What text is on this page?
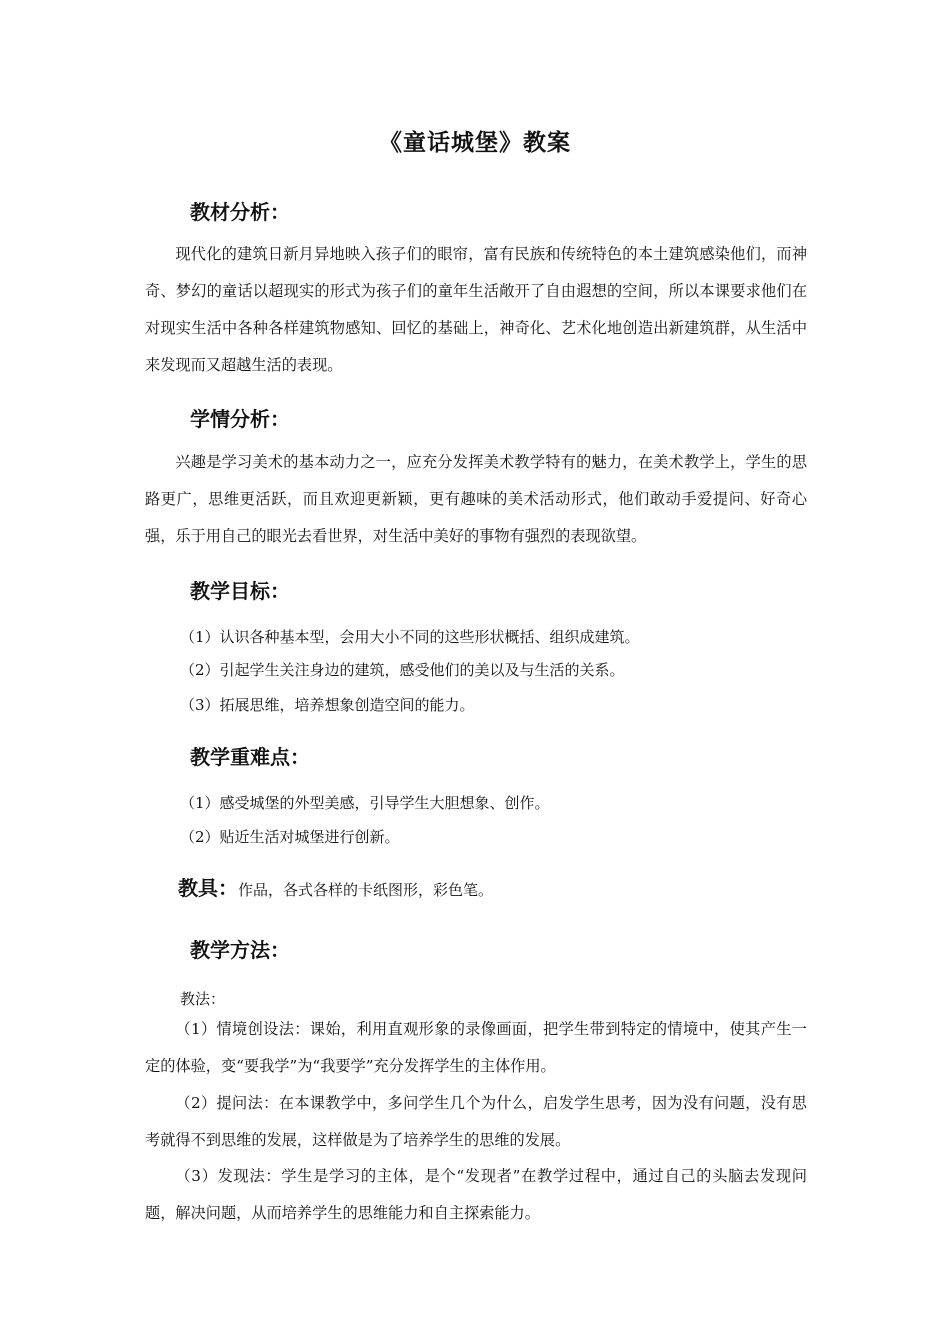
《童话城堡》教案
教材分析：

现代化的建筑日新月异地映入孩子们的眼帘，富有民族和传统特色的本土建筑感染他们，而神奇、梦幻的童话以超现实的形式为孩子们的童年生活敞开了自由遐想的空间，所以本课要求他们在对现实生活中各种各样建筑物感知、回忆的基础上，神奇化、艺术化地创造出新建筑群，从生活中来发现而又超越生活的表现。

学情分析：

兴趣是学习美术的基本动力之一，应充分发挥美术教学特有的魅力，在美术教学上，学生的思路更广，思维更活跃，而且欢迎更新颖，更有趣味的美术活动形式，他们敢动手爱提问、好奇心强，乐于用自己的眼光去看世界，对生活中美好的事物有强烈的表现欲望。

教学目标：
（1）认识各种基本型，会用大小不同的这些形状概括、组织成建筑。
（2）引起学生关注身边的建筑，感受他们的美以及与生活的关系。
（3）拓展思维，培养想象创造空间的能力。
教学重难点：
（1）感受城堡的外型美感，引导学生大胆想象、创作。
（2）贴近生活对城堡进行创新。
教具：作品，各式各样的卡纸图形，彩色笔。
教学方法：
教法：

（1）情境创设法：课始，利用直观形象的录像画面，把学生带到特定的情境中，使其产生一定的体验，变“要我学”为“我要学”充分发挥学生的主体作用。

（2）提问法：在本课教学中，多问学生几个为什么，启发学生思考，因为没有问题，没有思考就得不到思维的发展，这样做是为了培养学生的思维的发展。

（3）发现法：学生是学习的主体，是个“发现者”在教学过程中，通过自己的头脑去发现问题，解决问题，从而培养学生的思维能力和自主探索能力。
